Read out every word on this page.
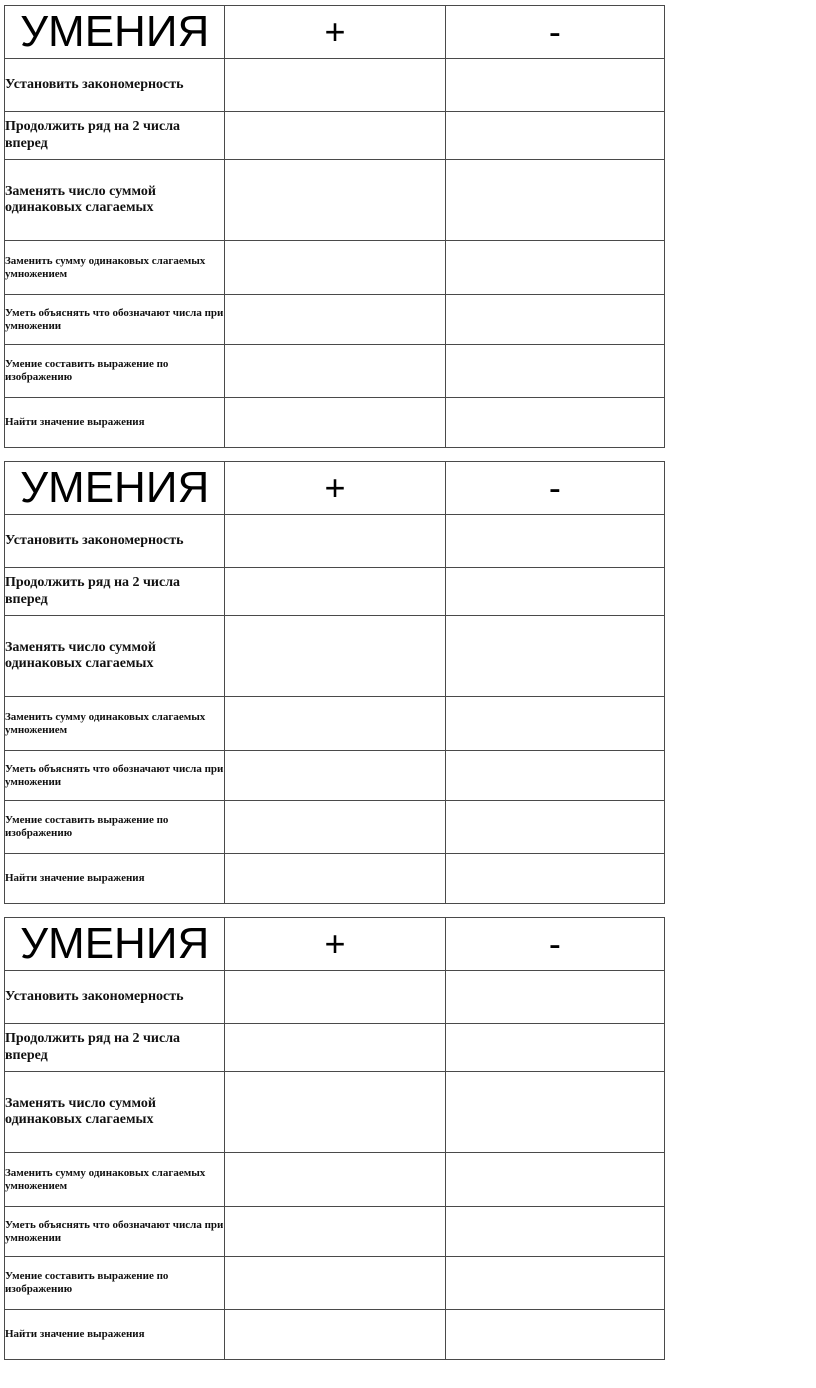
УМЕНИЯ	+	-
Установить закономерность		
Продолжить ряд на 2 числа вперед		
Заменять число суммой одинаковых слагаемых		
Заменить сумму одинаковых слагаемых умножением		
Уметь объяснять что обозначают числа при умножении		
Умение составить выражение по изображению		
Найти значение выражения		
УМЕНИЯ	+	-
Установить закономерность		
Продолжить ряд на 2 числа вперед		
Заменять число суммой одинаковых слагаемых		
Заменить сумму одинаковых слагаемых умножением		
Уметь объяснять что обозначают числа при умножении		
Умение составить выражение по изображению		
Найти значение выражения		
УМЕНИЯ	+	-
Установить закономерность		
Продолжить ряд на 2 числа вперед		
Заменять число суммой одинаковых слагаемых		
Заменить сумму одинаковых слагаемых умножением		
Уметь объяснять что обозначают числа при умножении		
Умение составить выражение по изображению		
Найти значение выражения		
